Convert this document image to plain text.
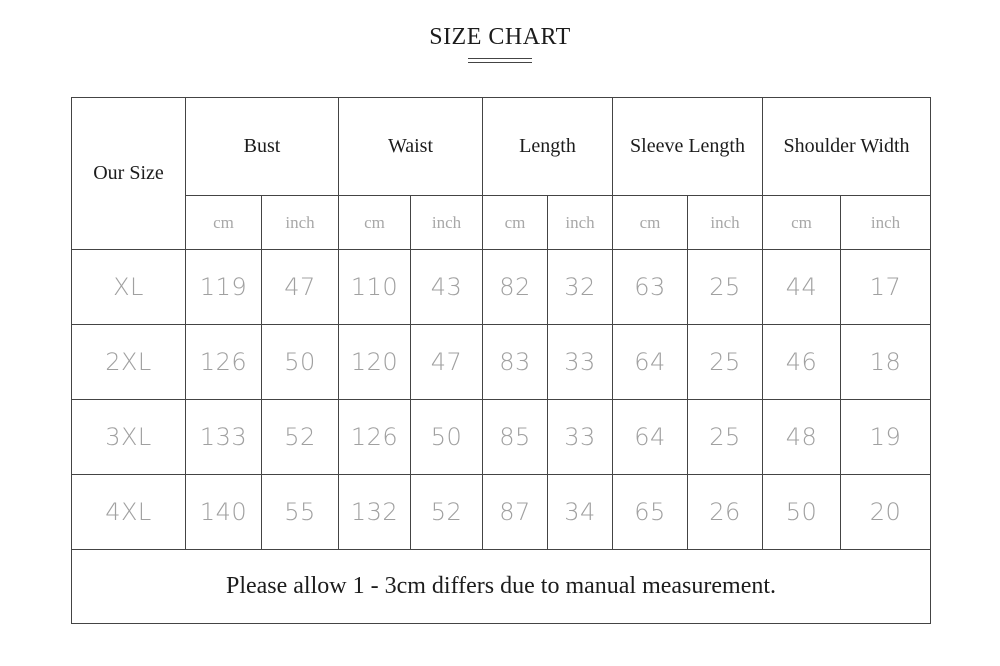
SIZE CHART
Our Size	Bust		Waist		Length		Sleeve Length		Shoulder Width	
	cm	inch	cm	inch	cm	inch	cm	inch	cm	inch
XL	119	47	110	43	82	32	63	25	44	17
2XL	126	50	120	47	83	33	64	25	46	18
3XL	133	52	126	50	85	33	64	25	48	19
4XL	140	55	132	52	87	34	65	26	50	20
Please allow 1 - 3cm differs due to manual measurement.										
